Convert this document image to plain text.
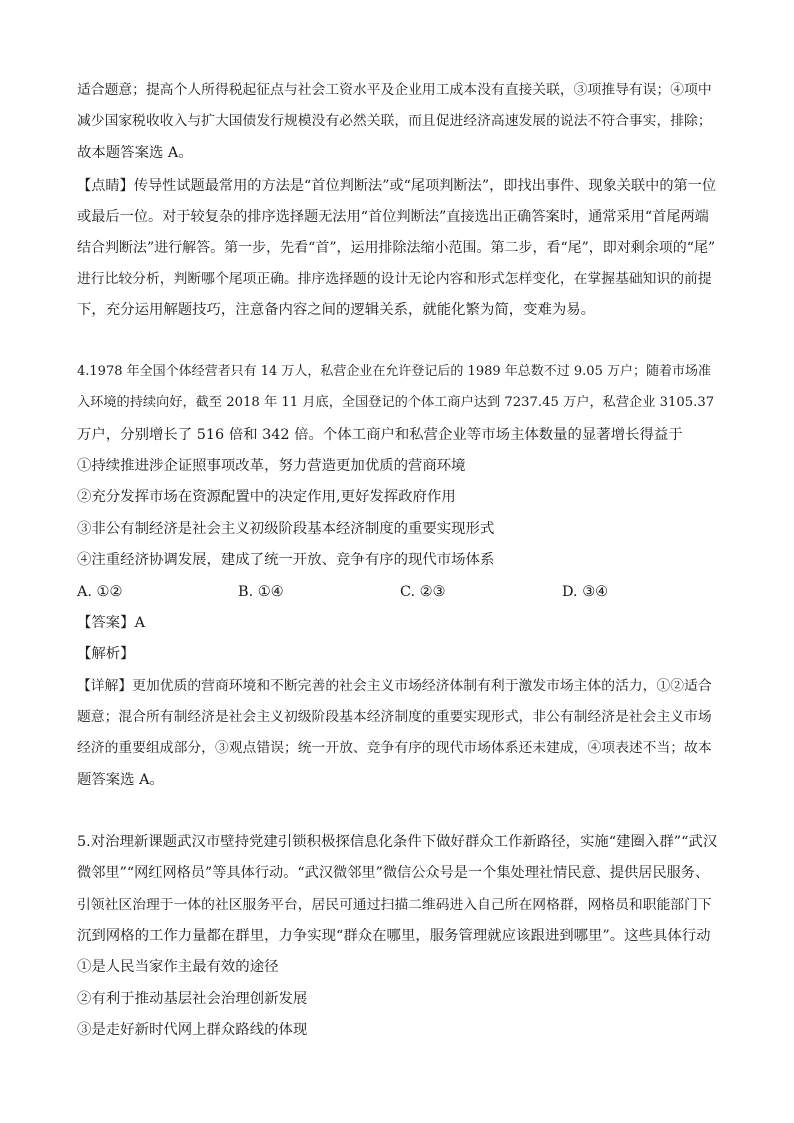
适合题意；提高个人所得税起征点与社会工资水平及企业用工成本没有直接关联，③项推导有误；④项中
减少国家税收收入与扩大国债发行规模没有必然关联，而且促进经济高速发展的说法不符合事实，排除；
故本题答案选 A。
【点睛】传导性试题最常用的方法是“首位判断法”或“尾项判断法”，即找出事件、现象关联中的第一位
或最后一位。对于较复杂的排序选择题无法用“首位判断法”直接选出正确答案时，通常采用“首尾两端
结合判断法”进行解答。第一步，先看“首”，运用排除法缩小范围。第二步，看“尾”，即对剩余项的“尾”
进行比较分析，判断哪个尾项正确。排序选择题的设计无论内容和形式怎样变化，在掌握基础知识的前提
下，充分运用解题技巧，注意备内容之间的逻辑关系，就能化繁为简，变难为易。
4.1978 年全国个体经营者只有 14 万人，私营企业在允许登记后的 1989 年总数不过 9.05 万户；随着市场准
入环境的持续向好，截至 2018 年 11 月底，全国登记的个体工商户达到 7237.45 万户，私营企业 3105.37
万户，分别增长了 516 倍和 342 倍。个体工商户和私营企业等市场主体数量的显著增长得益于
①持续推进涉企证照事项改革，努力营造更加优质的营商环境
②充分发挥市场在资源配置中的决定作用,更好发挥政府作用
③非公有制经济是社会主义初级阶段基本经济制度的重要实现形式
④注重经济协调发展，建成了统一开放、竞争有序的现代市场体系
A. ①②	B. ①④	C. ②③	D. ③④
【答案】A
【解析】
【详解】更加优质的营商环境和不断完善的社会主义市场经济体制有利于激发市场主体的活力，①②适合
题意；混合所有制经济是社会主义初级阶段基本经济制度的重要实现形式，非公有制经济是社会主义市场
经济的重要组成部分，③观点错误；统一开放、竞争有序的现代市场体系还未建成，④项表述不当；故本
题答案选 A。
5.对治理新课题武汉市壁持党建引锁积极探信息化条件下做好群众工作新路径，实施“建圈入群”“武汉
微邻里”“网红网格员”等具体行动。“武汉微邻里”微信公众号是一个集处理社情民意、提供居民服务、
引领社区治理于一体的社区服务平台，居民可通过扫描二维码进入自己所在网格群，网格员和职能部门下
沉到网格的工作力量都在群里，力争实现“群众在哪里，服务管理就应该跟进到哪里”。这些具体行动
①是人民当家作主最有效的途径
②有利于推动基层社会治理创新发展
③是走好新时代网上群众路线的体现
